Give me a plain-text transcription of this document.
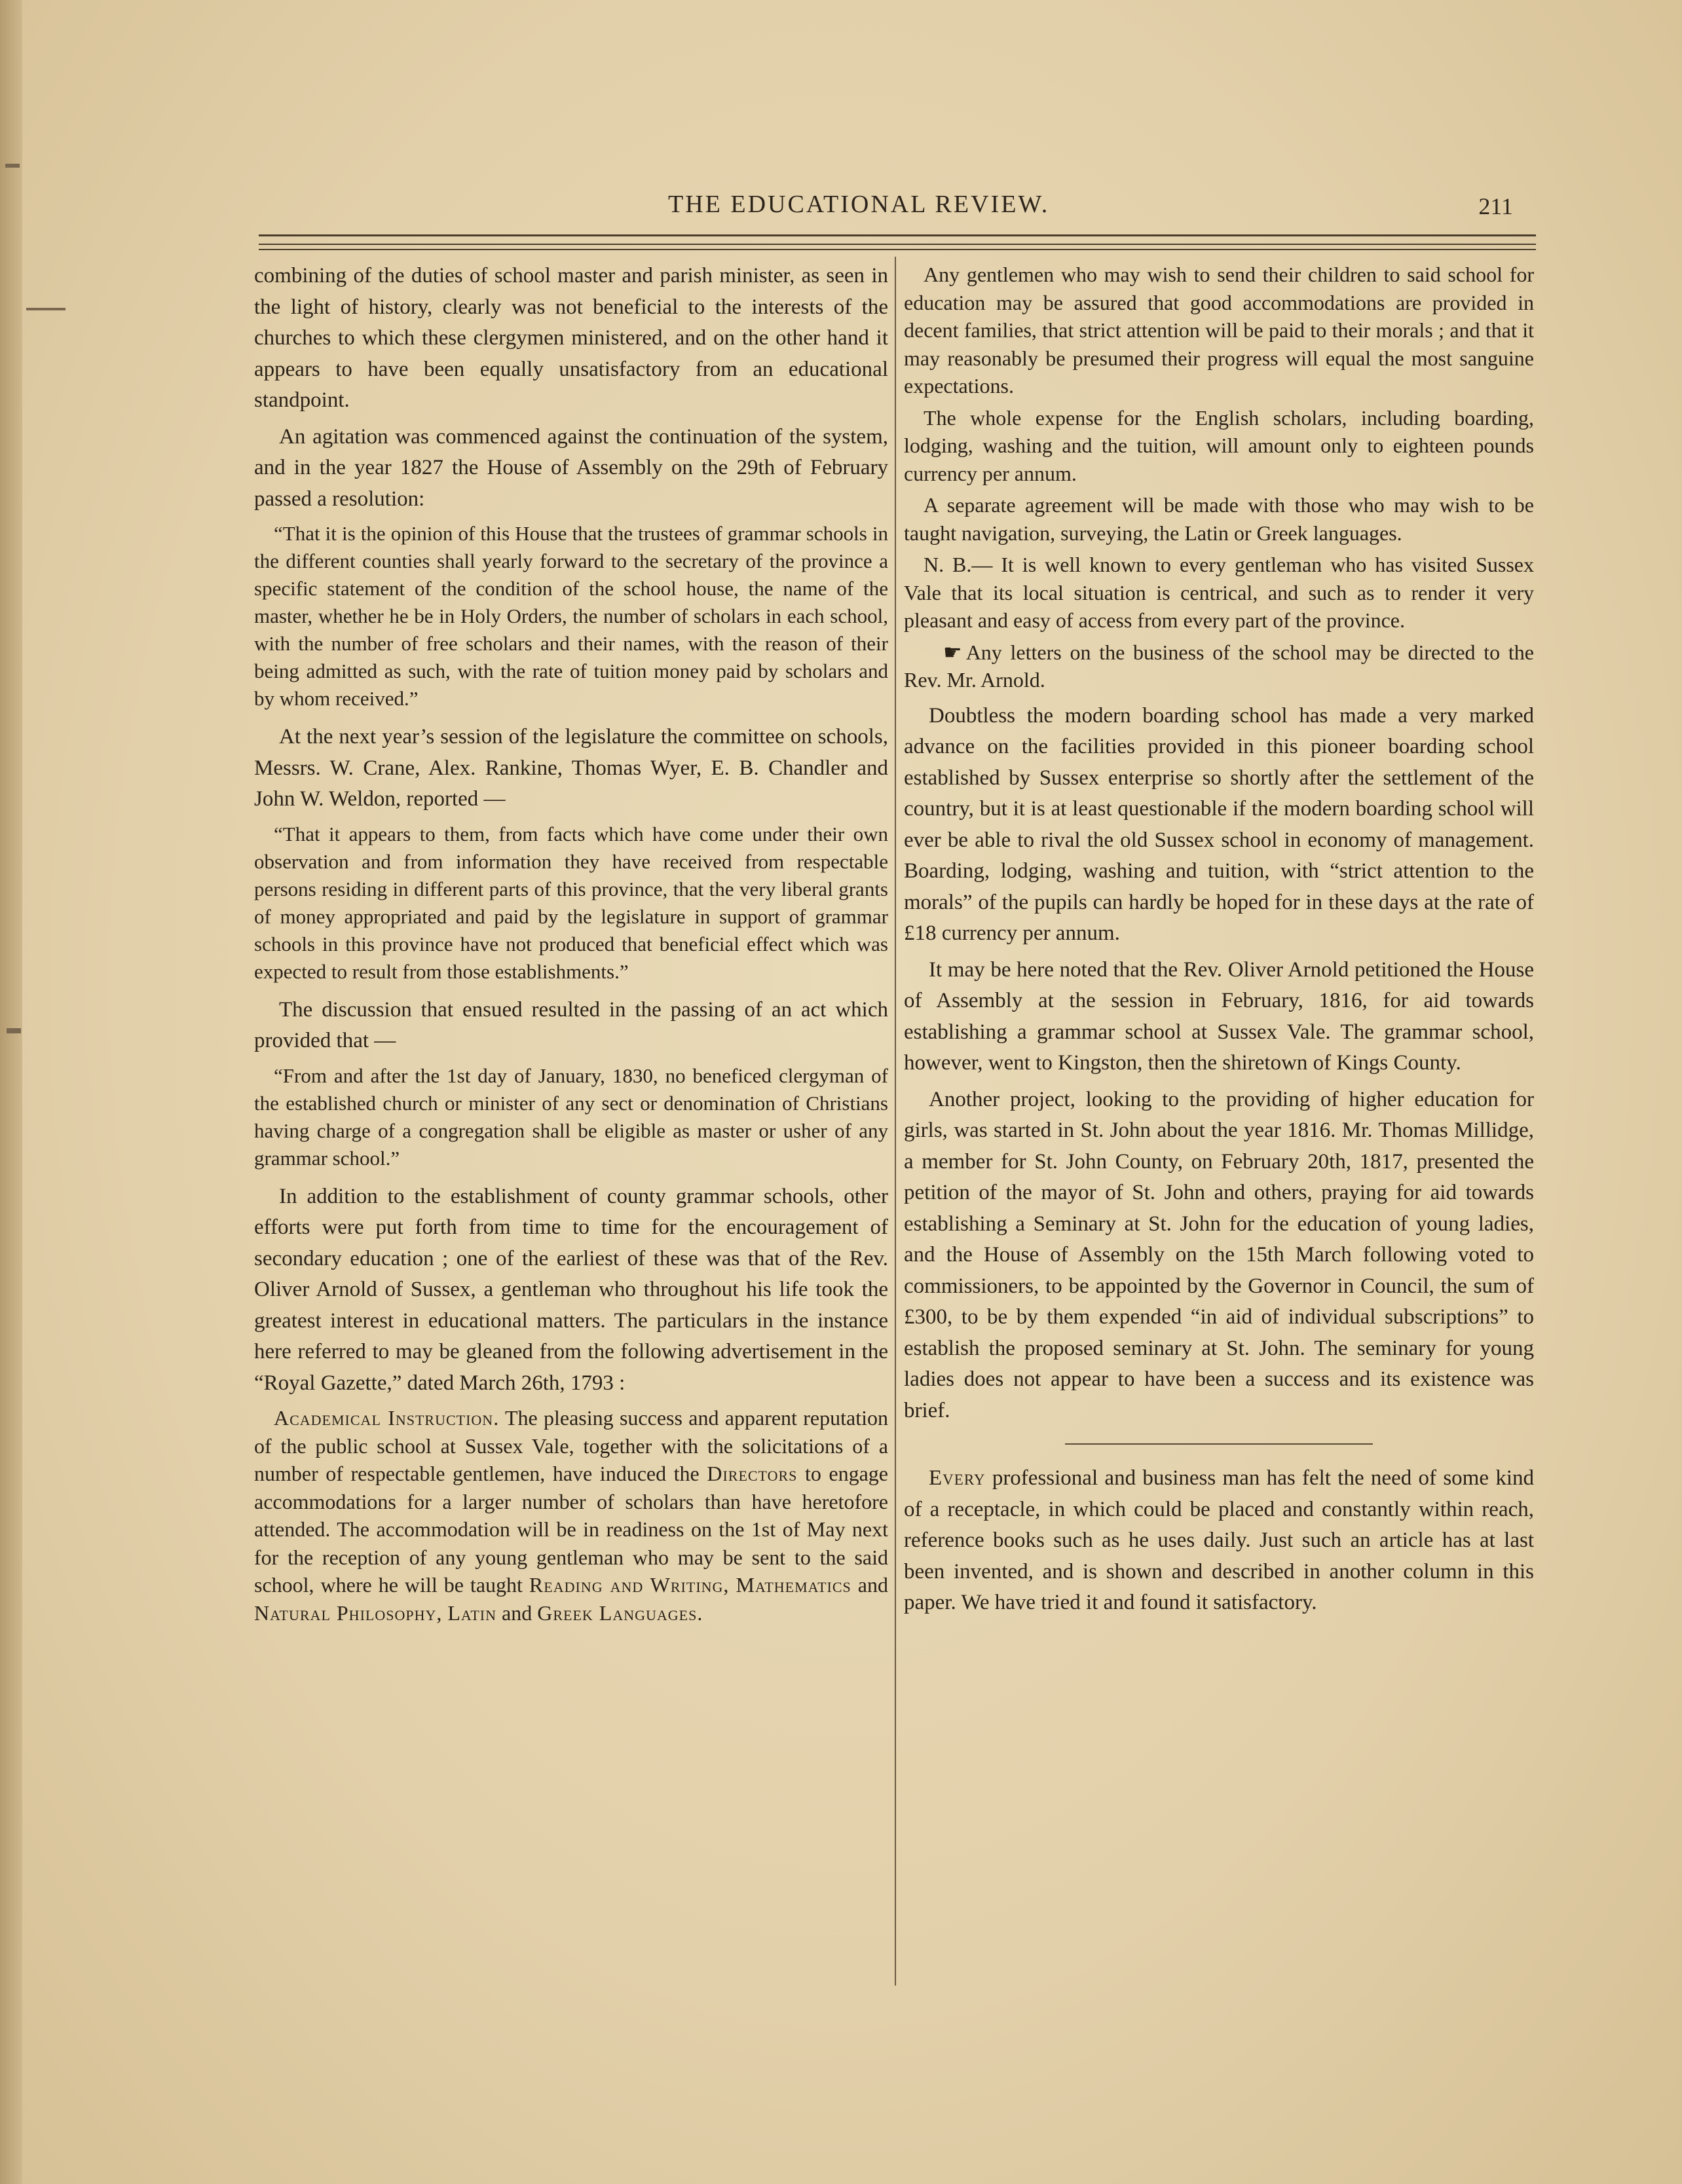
THE EDUCATIONAL REVIEW.	211

combining of the duties of school master and parish minister, as seen in the light of history, clearly was not beneficial to the interests of the churches to which these clergymen ministered, and on the other hand it appears to have been equally unsatisfactory from an educational standpoint.

An agitation was commenced against the continuation of the system, and in the year 1827 the House of Assembly on the 29th of February passed a resolution:

“That it is the opinion of this House that the trustees of grammar schools in the different counties shall yearly forward to the secretary of the province a specific statement of the condition of the school house, the name of the master, whether he be in Holy Orders, the number of scholars in each school, with the number of free scholars and their names, with the reason of their being admitted as such, with the rate of tuition money paid by scholars and by whom received.”

At the next year’s session of the legislature the committee on schools, Messrs. W. Crane, Alex. Rankine, Thomas Wyer, E. B. Chandler and John W. Weldon, reported —

“That it appears to them, from facts which have come under their own observation and from information they have received from respectable persons residing in different parts of this province, that the very liberal grants of money appropriated and paid by the legislature in support of grammar schools in this province have not produced that beneficial effect which was expected to result from those establishments.”

The discussion that ensued resulted in the passing of an act which provided that —

“From and after the 1st day of January, 1830, no beneficed clergyman of the established church or minister of any sect or denomination of Christians having charge of a congregation shall be eligible as master or usher of any grammar school.”

In addition to the establishment of county grammar schools, other efforts were put forth from time to time for the encouragement of secondary education ; one of the earliest of these was that of the Rev. Oliver Arnold of Sussex, a gentleman who throughout his life took the greatest interest in educational matters. The particulars in the instance here referred to may be gleaned from the following advertisement in the “Royal Gazette,” dated March 26th, 1793 :

Academical Instruction. The pleasing success and apparent reputation of the public school at Sussex Vale, together with the solicitations of a number of respectable gentlemen, have induced the Directors to engage accommodations for a larger number of scholars than have heretofore attended. The accommodation will be in readiness on the 1st of May next for the reception of any young gentleman who may be sent to the said school, where he will be taught Reading and Writing, Mathematics and Natural Philosophy, Latin and Greek Languages.

Any gentlemen who may wish to send their children to said school for education may be assured that good accommodations are provided in decent families, that strict attention will be paid to their morals ; and that it may reasonably be presumed their progress will equal the most sanguine expectations.

The whole expense for the English scholars, including boarding, lodging, washing and the tuition, will amount only to eighteen pounds currency per annum.

A separate agreement will be made with those who may wish to be taught navigation, surveying, the Latin or Greek languages.

N. B.— It is well known to every gentleman who has visited Sussex Vale that its local situation is centrical, and such as to render it very pleasant and easy of access from every part of the province.

☛ Any letters on the business of the school may be directed to the Rev. Mr. Arnold.

Doubtless the modern boarding school has made a very marked advance on the facilities provided in this pioneer boarding school established by Sussex enterprise so shortly after the settlement of the country, but it is at least questionable if the modern boarding school will ever be able to rival the old Sussex school in economy of management. Boarding, lodging, washing and tuition, with “strict attention to the morals” of the pupils can hardly be hoped for in these days at the rate of £18 currency per annum.

It may be here noted that the Rev. Oliver Arnold petitioned the House of Assembly at the session in February, 1816, for aid towards establishing a grammar school at Sussex Vale. The grammar school, however, went to Kingston, then the shiretown of Kings County.

Another project, looking to the providing of higher education for girls, was started in St. John about the year 1816. Mr. Thomas Millidge, a member for St. John County, on February 20th, 1817, presented the petition of the mayor of St. John and others, praying for aid towards establishing a Seminary at St. John for the education of young ladies, and the House of Assembly on the 15th March following voted to commissioners, to be appointed by the Governor in Council, the sum of £300, to be by them expended “in aid of individual subscriptions” to establish the proposed seminary at St. John. The seminary for young ladies does not appear to have been a success and its existence was brief.

Every professional and business man has felt the need of some kind of a receptacle, in which could be placed and constantly within reach, reference books such as he uses daily. Just such an article has at last been invented, and is shown and described in another column in this paper. We have tried it and found it satisfactory.
